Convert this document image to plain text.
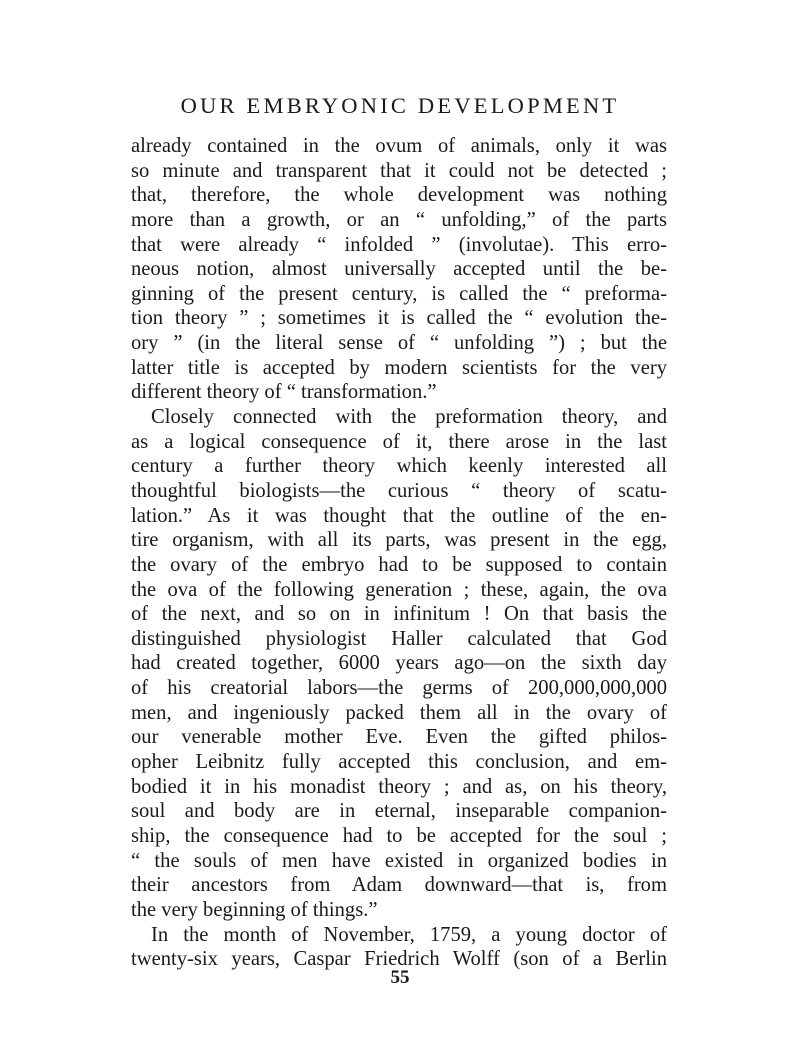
OUR EMBRYONIC DEVELOPMENT
already contained in the ovum of animals, only it was
so minute and transparent that it could not be detected ;
that, therefore, the whole development was nothing
more than a growth, or an “ unfolding,” of the parts
that were already “ infolded ” (involutae). This erro-
neous notion, almost universally accepted until the be-
ginning of the present century, is called the “ preforma-
tion theory ” ; sometimes it is called the “ evolution the-
ory ” (in the literal sense of “ unfolding ”) ; but the
latter title is accepted by modern scientists for the very
different theory of “ transformation.”
Closely connected with the preformation theory, and
as a logical consequence of it, there arose in the last
century a further theory which keenly interested all
thoughtful biologists—the curious “ theory of scatu-
lation.” As it was thought that the outline of the en-
tire organism, with all its parts, was present in the egg,
the ovary of the embryo had to be supposed to contain
the ova of the following generation ; these, again, the ova
of the next, and so on in infinitum ! On that basis the
distinguished physiologist Haller calculated that God
had created together, 6000 years ago—on the sixth day
of his creatorial labors—the germs of 200,000,000,000
men, and ingeniously packed them all in the ovary of
our venerable mother Eve. Even the gifted philos-
opher Leibnitz fully accepted this conclusion, and em-
bodied it in his monadist theory ; and as, on his theory,
soul and body are in eternal, inseparable companion-
ship, the consequence had to be accepted for the soul ;
“ the souls of men have existed in organized bodies in
their ancestors from Adam downward—that is, from
the very beginning of things.”
In the month of November, 1759, a young doctor of
twenty-six years, Caspar Friedrich Wolff (son of a Berlin
55
